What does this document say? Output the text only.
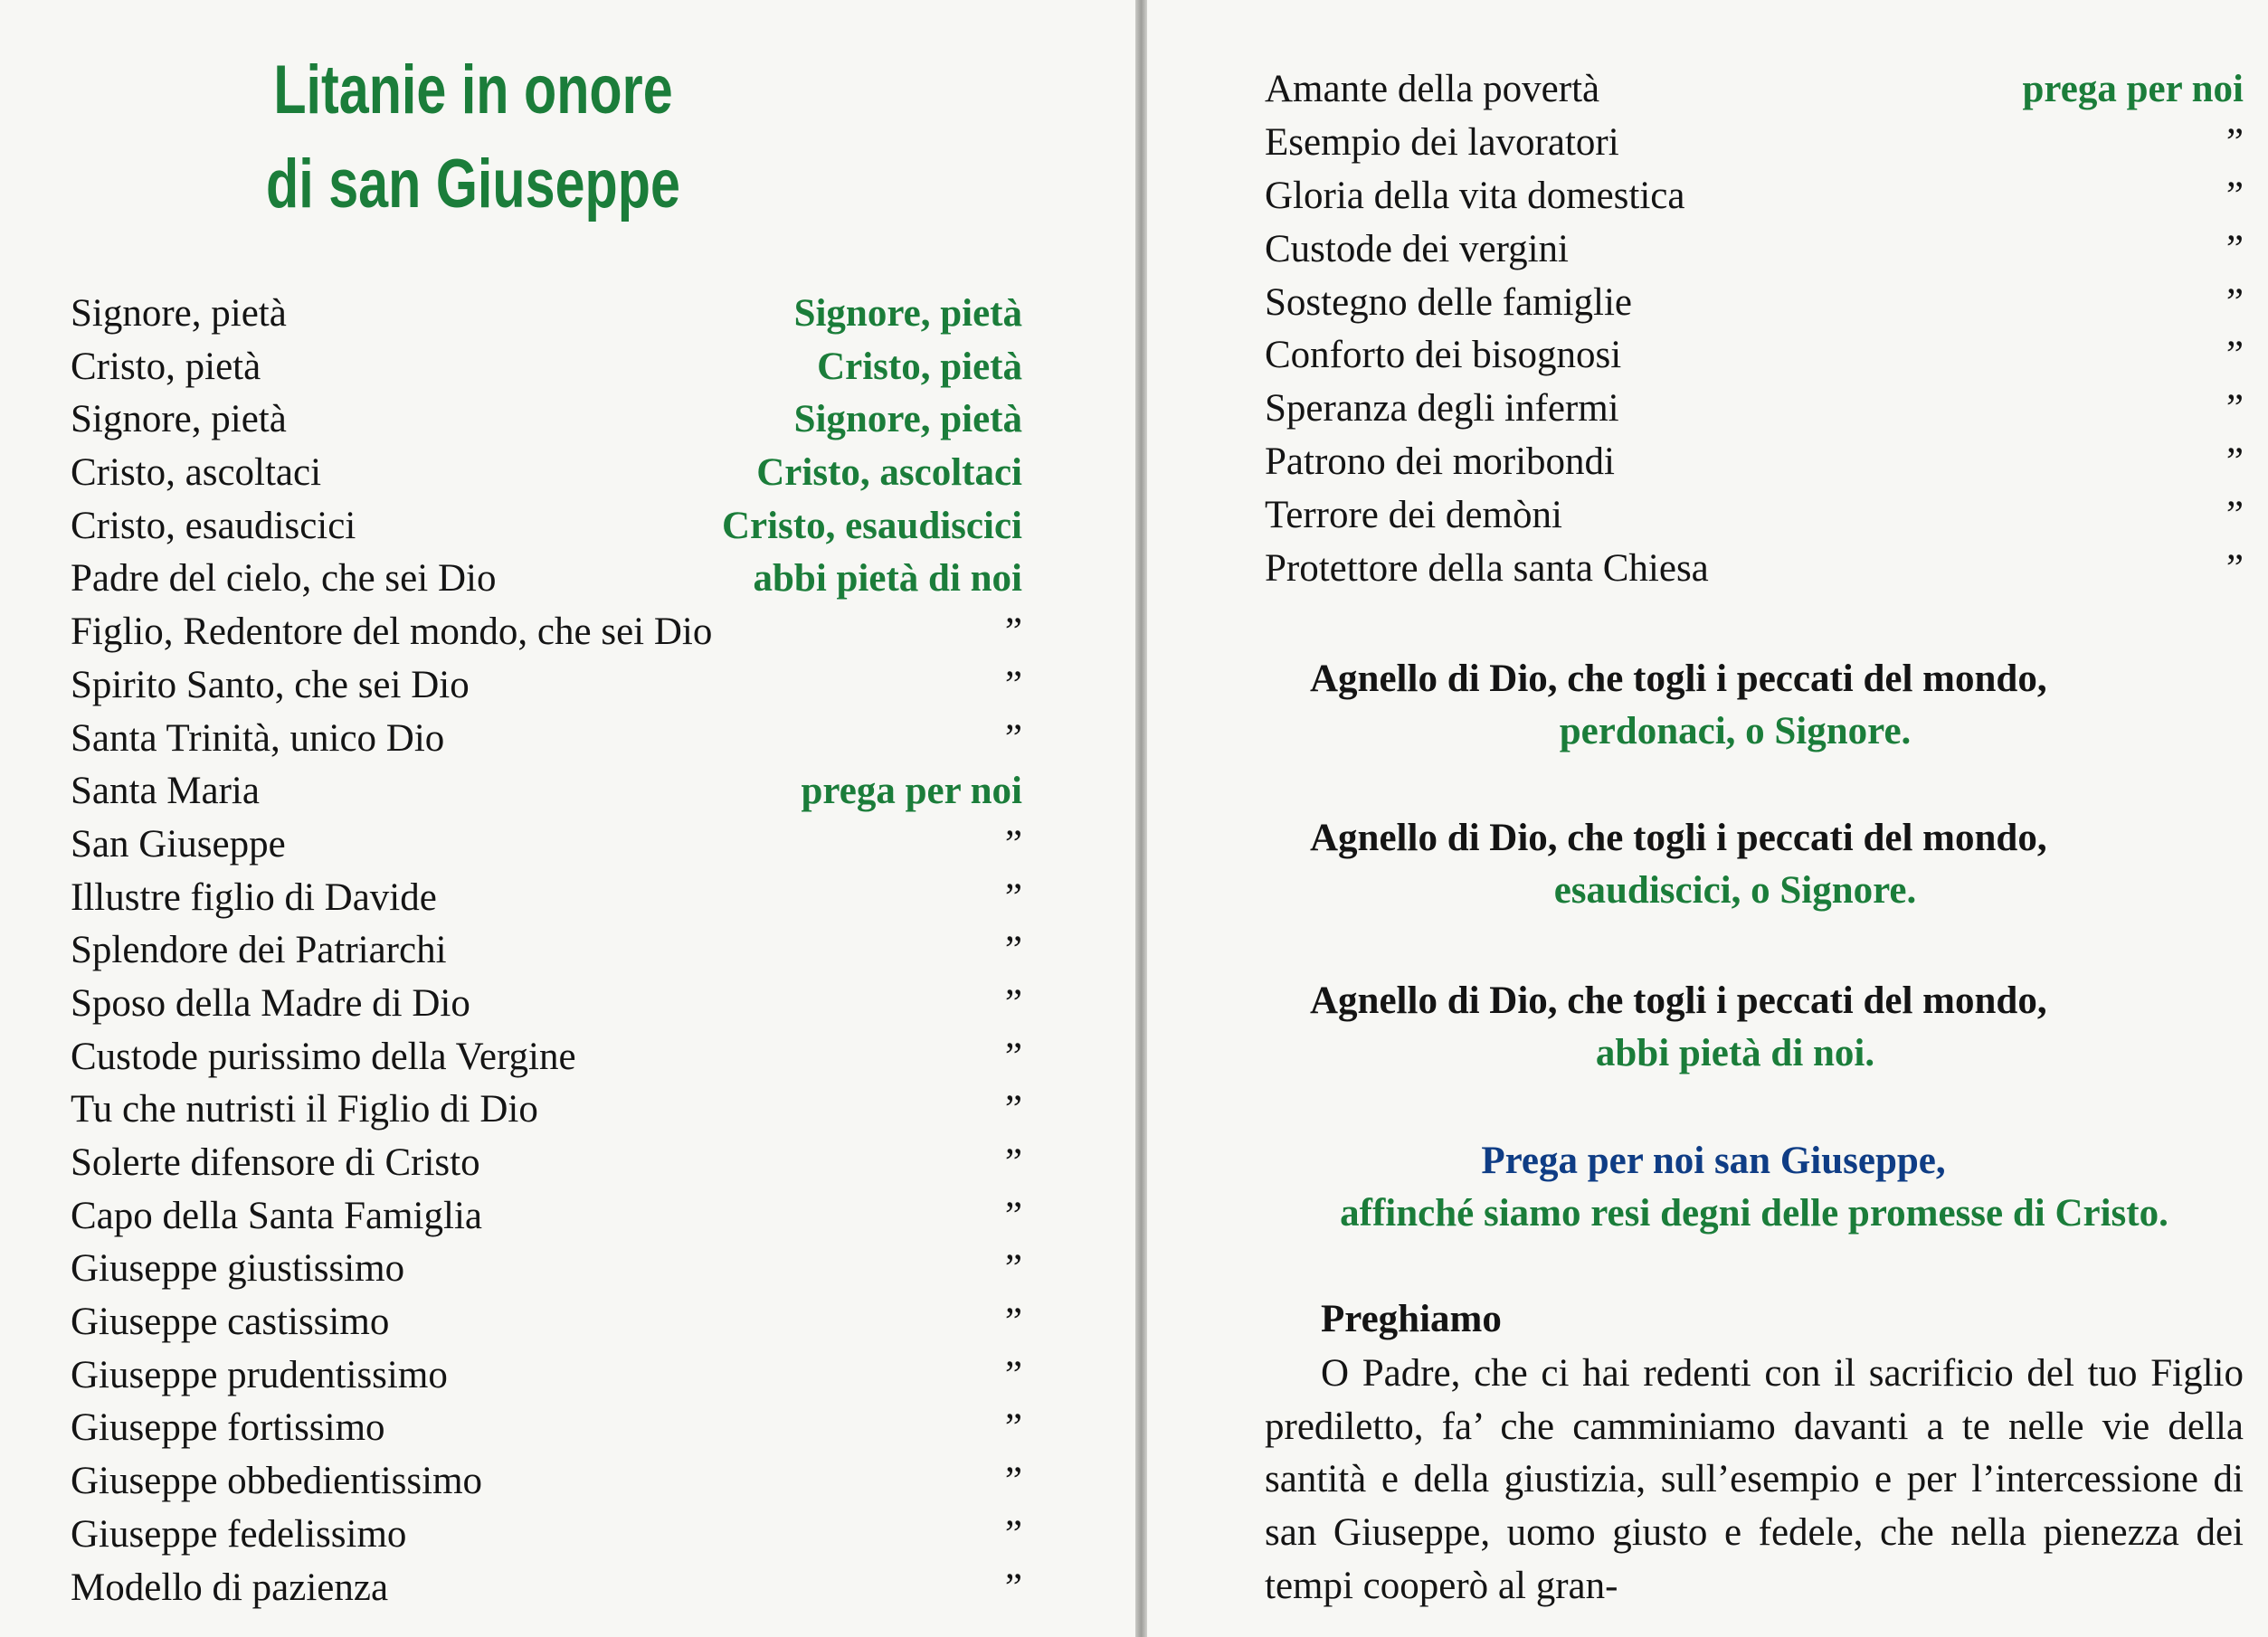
Litanie in onore
di san Giuseppe
Signore, pietà	Signore, pietà
Cristo, pietà	Cristo, pietà
Signore, pietà	Signore, pietà
Cristo, ascoltaci	Cristo, ascoltaci
Cristo, esaudiscici	Cristo, esaudiscici
Padre del cielo, che sei Dio	abbi pietà di noi
Figlio, Redentore del mondo, che sei Dio	”
Spirito Santo, che sei Dio	”
Santa Trinità, unico Dio	”
Santa Maria	prega per noi
San Giuseppe	”
Illustre figlio di Davide	”
Splendore dei Patriarchi	”
Sposo della Madre di Dio	”
Custode purissimo della Vergine	”
Tu che nutristi il Figlio di Dio	”
Solerte difensore di Cristo	”
Capo della Santa Famiglia	”
Giuseppe giustissimo	”
Giuseppe castissimo	”
Giuseppe prudentissimo	”
Giuseppe fortissimo	”
Giuseppe obbedientissimo	”
Giuseppe fedelissimo	”
Modello di pazienza	”
Amante della povertà	prega per noi
Esempio dei lavoratori	”
Gloria della vita domestica	”
Custode dei vergini	”
Sostegno delle famiglie	”
Conforto dei bisognosi	”
Speranza degli infermi	”
Patrono dei moribondi	”
Terrore dei demòni	”
Protettore della santa Chiesa	”
Agnello di Dio, che togli i peccati del mondo,
perdonaci, o Signore.
Agnello di Dio, che togli i peccati del mondo,
esaudiscici, o Signore.
Agnello di Dio, che togli i peccati del mondo,
abbi pietà di noi.
Prega per noi san Giuseppe,
affinché siamo resi degni delle promesse di Cristo.
Preghiamo

O Padre, che ci hai redenti con il sacrificio del tuo Figlio prediletto, fa’ che camminiamo davanti a te nelle vie della santità e della giustizia, sull’esempio e per l’intercessione di san Giuseppe, uomo giusto e fedele, che nella pienezza dei tempi cooperò al gran-
